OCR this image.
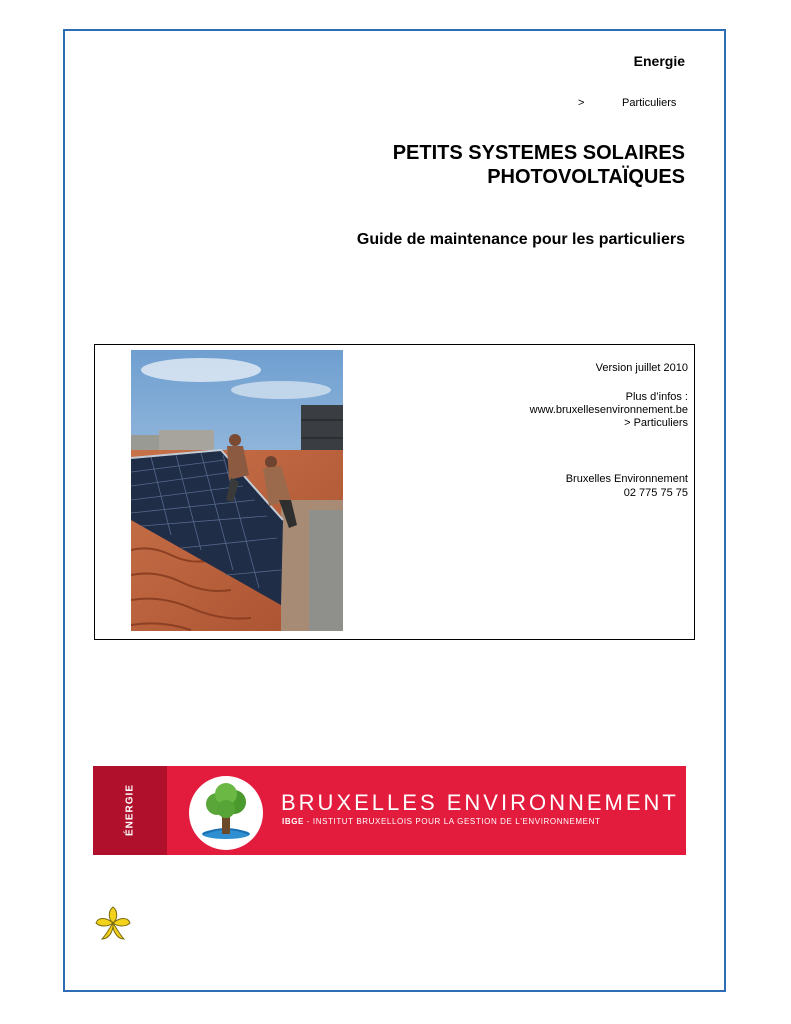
Energie
>	Particuliers
PETITS SYSTEMES SOLAIRES
PHOTOVOLTAÏQUES
Guide de maintenance pour les particuliers
Version juillet 2010
Plus d’infos :
www.bruxellesenvironnement.be
> Particuliers
Bruxelles Environnement
02 775 75 75
ÉNERGIE	BRUXELLES ENVIRONNEMENT
IBGE - INSTITUT BRUXELLOIS POUR LA GESTION DE L'ENVIRONNEMENT
